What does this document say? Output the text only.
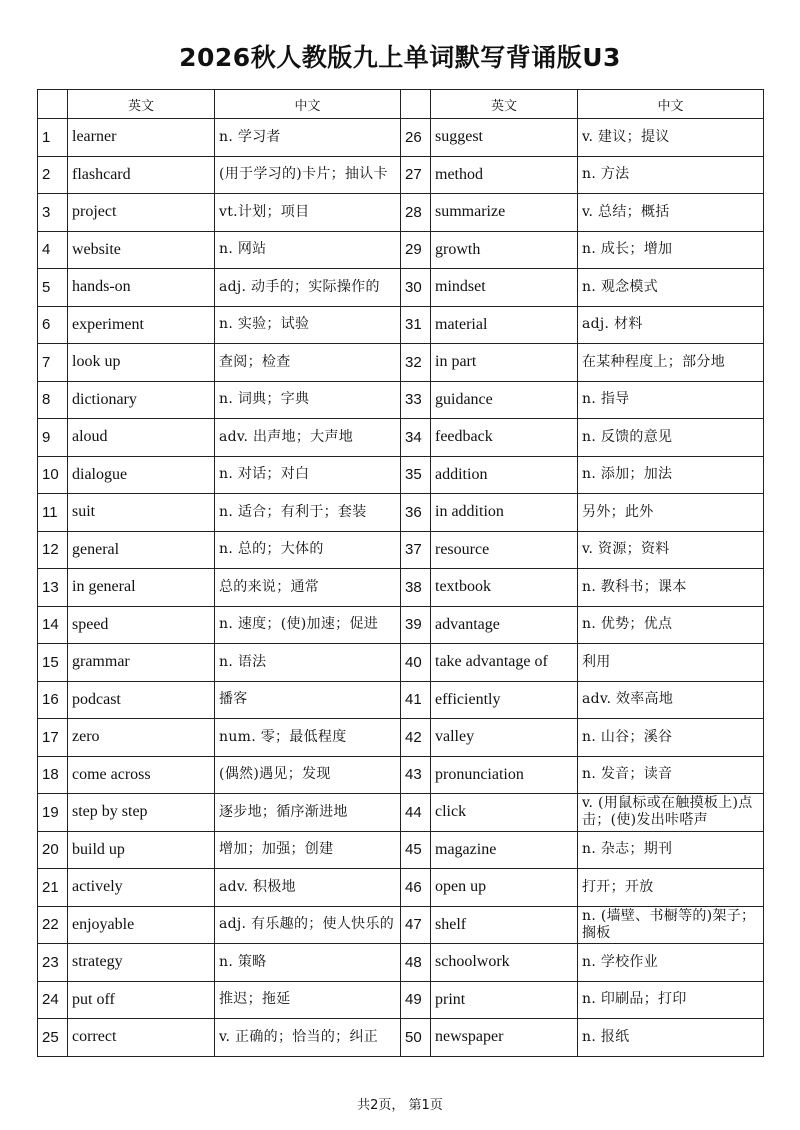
2026秋人教版九上单词默写背诵版U3
	英文	中文		英文	中文
1	learner	n. 学习者	26	suggest	v. 建议；提议
2	flashcard	(用于学习的)卡片；抽认卡	27	method	n. 方法
3	project	vt.计划；项目	28	summarize	v. 总结；概括
4	website	n. 网站	29	growth	n. 成长；增加
5	hands-on	adj. 动手的；实际操作的	30	mindset	n. 观念模式
6	experiment	n. 实验；试验	31	material	adj. 材料
7	look up	查阅；检查	32	in part	在某种程度上；部分地
8	dictionary	n. 词典；字典	33	guidance	n. 指导
9	aloud	adv. 出声地；大声地	34	feedback	n. 反馈的意见
10	dialogue	n. 对话；对白	35	addition	n. 添加；加法
11	suit	n. 适合；有利于；套装	36	in addition	另外；此外
12	general	n. 总的；大体的	37	resource	v. 资源；资料
13	in general	总的来说；通常	38	textbook	n. 教科书；课本
14	speed	n. 速度；(使)加速；促进	39	advantage	n. 优势；优点
15	grammar	n. 语法	40	take advantage of	利用
16	podcast	播客	41	efficiently	adv. 效率高地
17	zero	num. 零；最低程度	42	valley	n. 山谷；溪谷
18	come across	(偶然)遇见；发现	43	pronunciation	n. 发音；读音
19	step by step	逐步地；循序渐进地	44	click	v. (用鼠标或在触摸板上)点击；(使)发出咔嗒声
20	build up	增加；加强；创建	45	magazine	n. 杂志；期刊
21	actively	adv. 积极地	46	open up	打开；开放
22	enjoyable	adj. 有乐趣的；使人快乐的	47	shelf	n. (墙壁、书橱等的)架子；搁板
23	strategy	n. 策略	48	schoolwork	n. 学校作业
24	put off	推迟；拖延	49	print	n. 印刷品；打印
25	correct	v. 正确的；恰当的；纠正	50	newspaper	n. 报纸
共2页， 第1页
